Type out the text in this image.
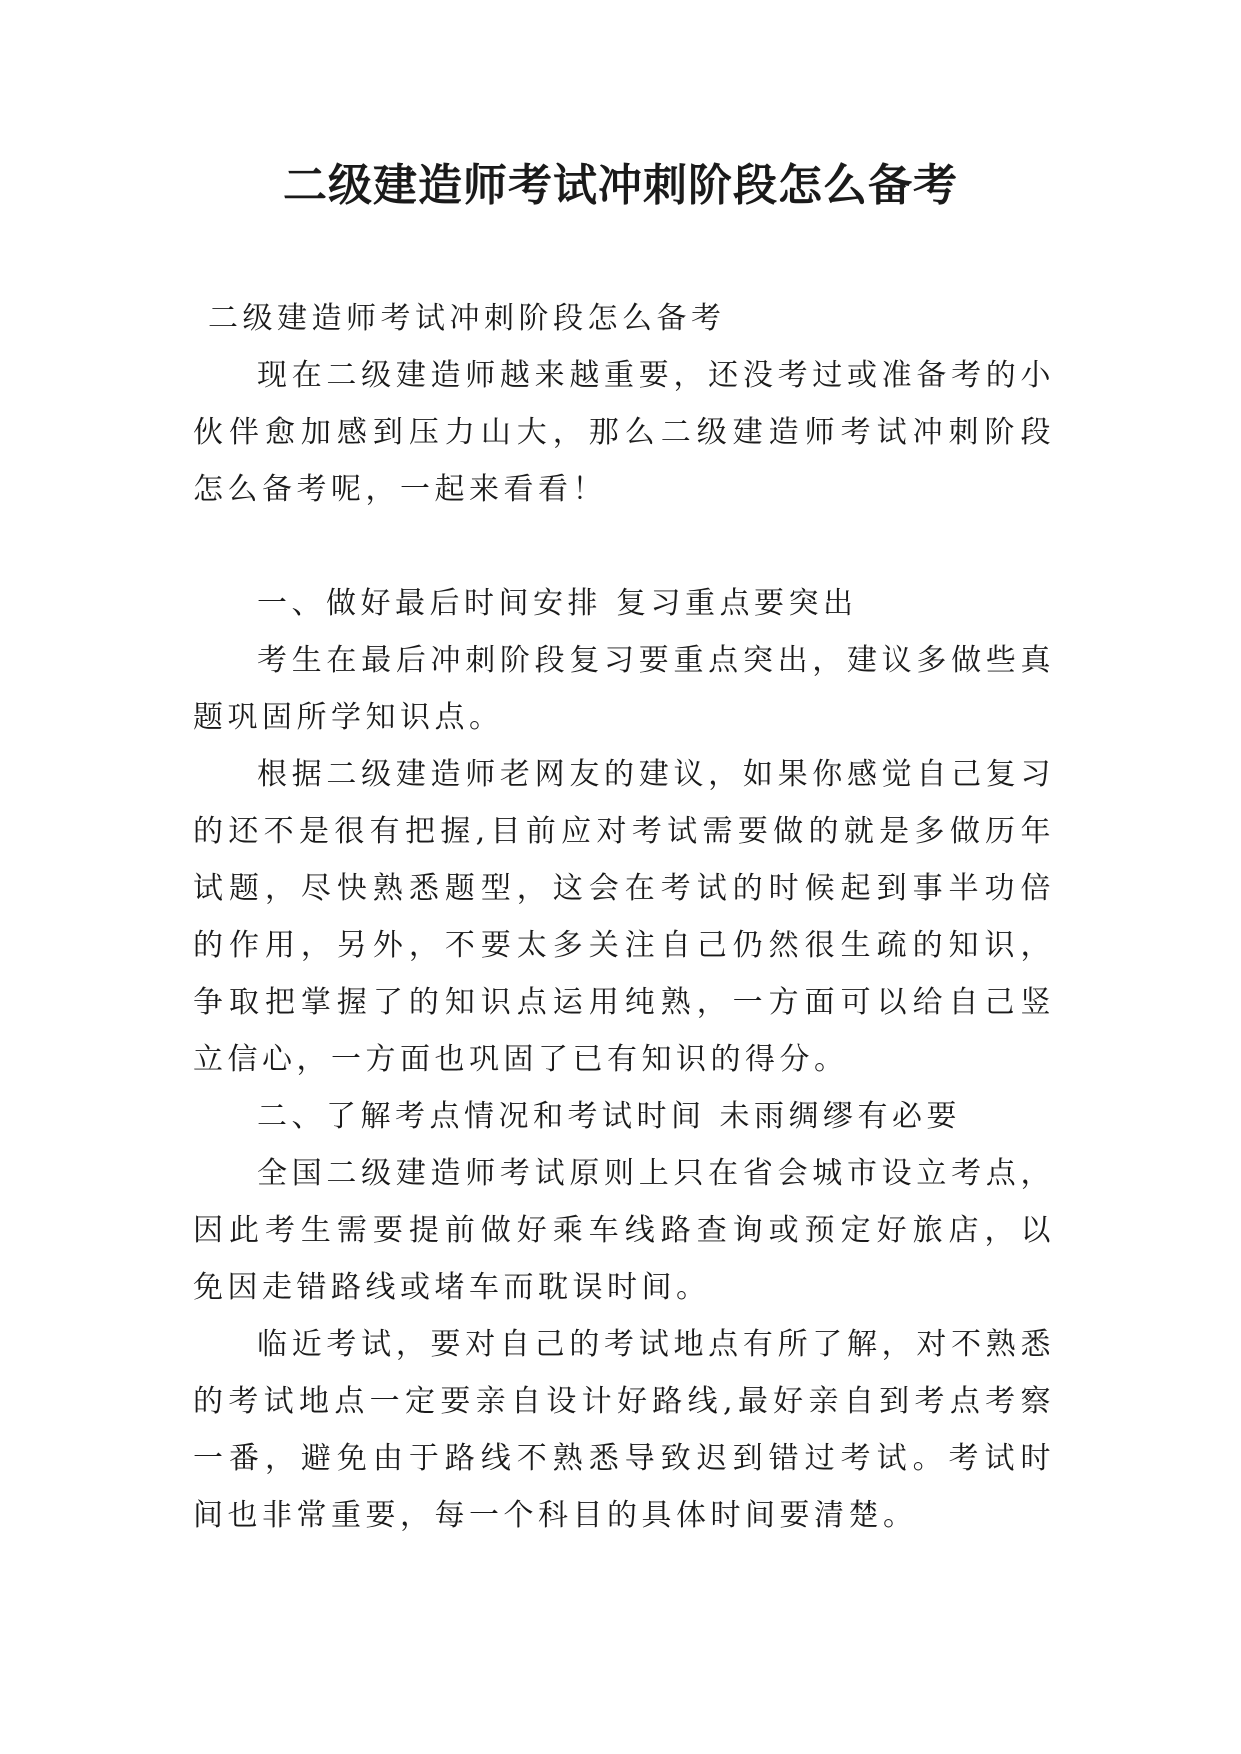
二级建造师考试冲刺阶段怎么备考

二级建造师考试冲刺阶段怎么备考

现在二级建造师越来越重要，还没考过或准备考的小伙伴愈加感到压力山大，那么二级建造师考试冲刺阶段怎么备考呢，一起来看看！

一、做好最后时间安排 复习重点要突出

考生在最后冲刺阶段复习要重点突出，建议多做些真题巩固所学知识点。

根据二级建造师老网友的建议，如果你感觉自己复习的还不是很有把握,目前应对考试需要做的就是多做历年试题，尽快熟悉题型，这会在考试的时候起到事半功倍的作用，另外，不要太多关注自己仍然很生疏的知识，争取把掌握了的知识点运用纯熟，一方面可以给自己竖立信心，一方面也巩固了已有知识的得分。

二、了解考点情况和考试时间 未雨绸缪有必要

全国二级建造师考试原则上只在省会城市设立考点，因此考生需要提前做好乘车线路查询或预定好旅店，以免因走错路线或堵车而耽误时间。

临近考试，要对自己的考试地点有所了解，对不熟悉的考试地点一定要亲自设计好路线,最好亲自到考点考察一番，避免由于路线不熟悉导致迟到错过考试。考试时间也非常重要，每一个科目的具体时间要清楚。
